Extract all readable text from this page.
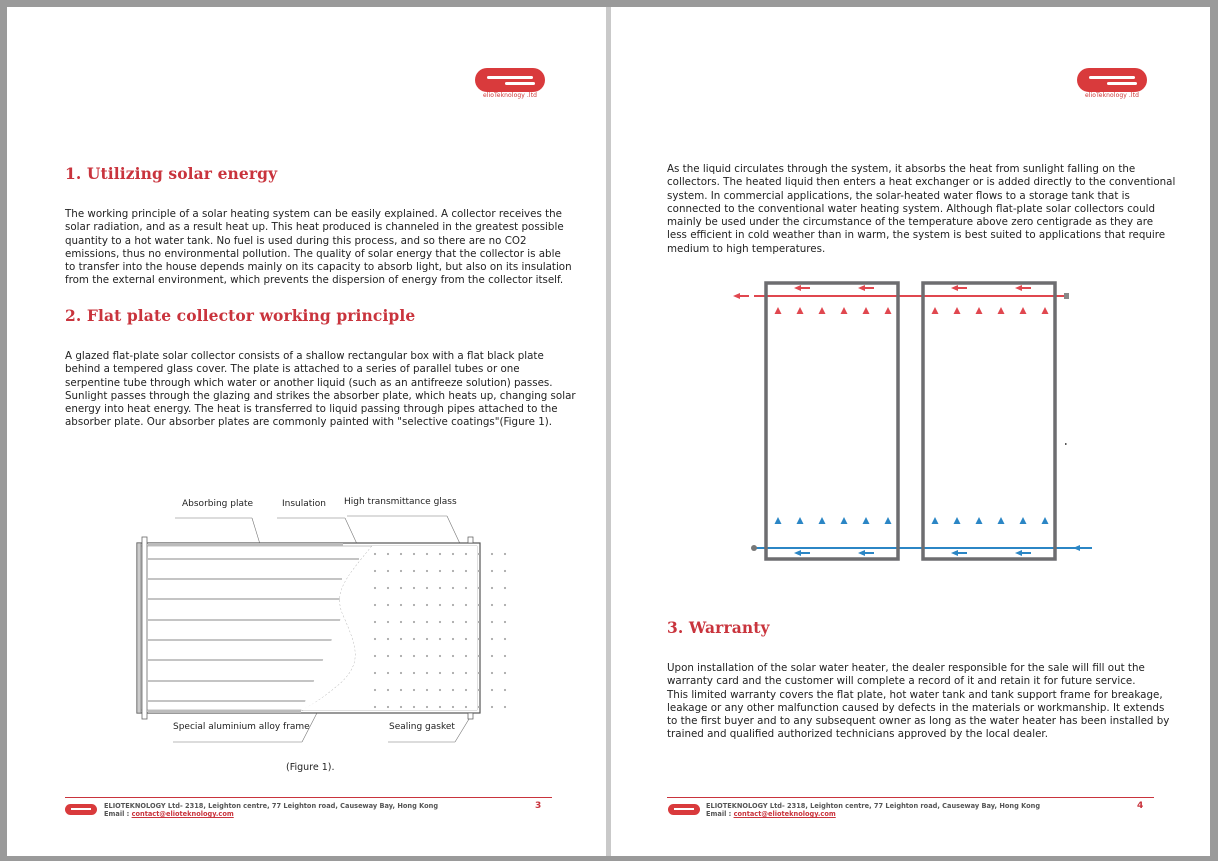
elioTeknology .ltd
1. Utilizing solar energy
The working principle of a solar heating system can be easily explained. A collector receives the
solar radiation, and as a result heat up. This heat produced is channeled in the greatest possible
quantity to a hot water tank. No fuel is used during this process, and so there are no CO2
emissions, thus no environmental pollution. The quality of solar energy that the collector is able
to transfer into the house depends mainly on its capacity to absorb light, but also on its insulation
from the external environment, which prevents the dispersion of energy from the collector itself.
2. Flat plate collector working principle
A glazed flat-plate solar collector consists of a shallow rectangular box with a flat black plate
behind a tempered glass cover. The plate is attached to a series of parallel tubes or one
serpentine tube through which water or another liquid (such as an antifreeze solution) passes.
Sunlight passes through the glazing and strikes the absorber plate, which heats up, changing solar
energy into heat energy. The heat is transferred to liquid passing through pipes attached to the
absorber plate. Our absorber plates are commonly painted with "selective coatings"(Figure 1).
Absorbing plate	Insulation High transmittance glass
Special aluminium alloy frame	Sealing gasket
(Figure 1).
ELIOTEKNOLOGY Ltd- 2318, Leighton centre, 77 Leighton road, Causeway Bay, Hong Kong
Email : contact@elioteknology.com
3
elioTeknology .ltd
As the liquid circulates through the system, it absorbs the heat from sunlight falling on the
collectors. The heated liquid then enters a heat exchanger or is added directly to the conventional
system. In commercial applications, the solar-heated water flows to a storage tank that is
connected to the conventional water heating system. Although flat-plate solar collectors could
mainly be used under the circumstance of the temperature above zero centigrade as they are
less efficient in cold weather than in warm, the system is best suited to applications that require
medium to high temperatures.
3. Warranty
Upon installation of the solar water heater, the dealer responsible for the sale will fill out the
warranty card and the customer will complete a record of it and retain it for future service.
This limited warranty covers the flat plate, hot water tank and tank support frame for breakage,
leakage or any other malfunction caused by defects in the materials or workmanship. It extends
to the first buyer and to any subsequent owner as long as the water heater has been installed by
trained and qualified authorized technicians approved by the local dealer.
ELIOTEKNOLOGY Ltd- 2318, Leighton centre, 77 Leighton road, Causeway Bay, Hong Kong
Email : contact@elioteknology.com
4
